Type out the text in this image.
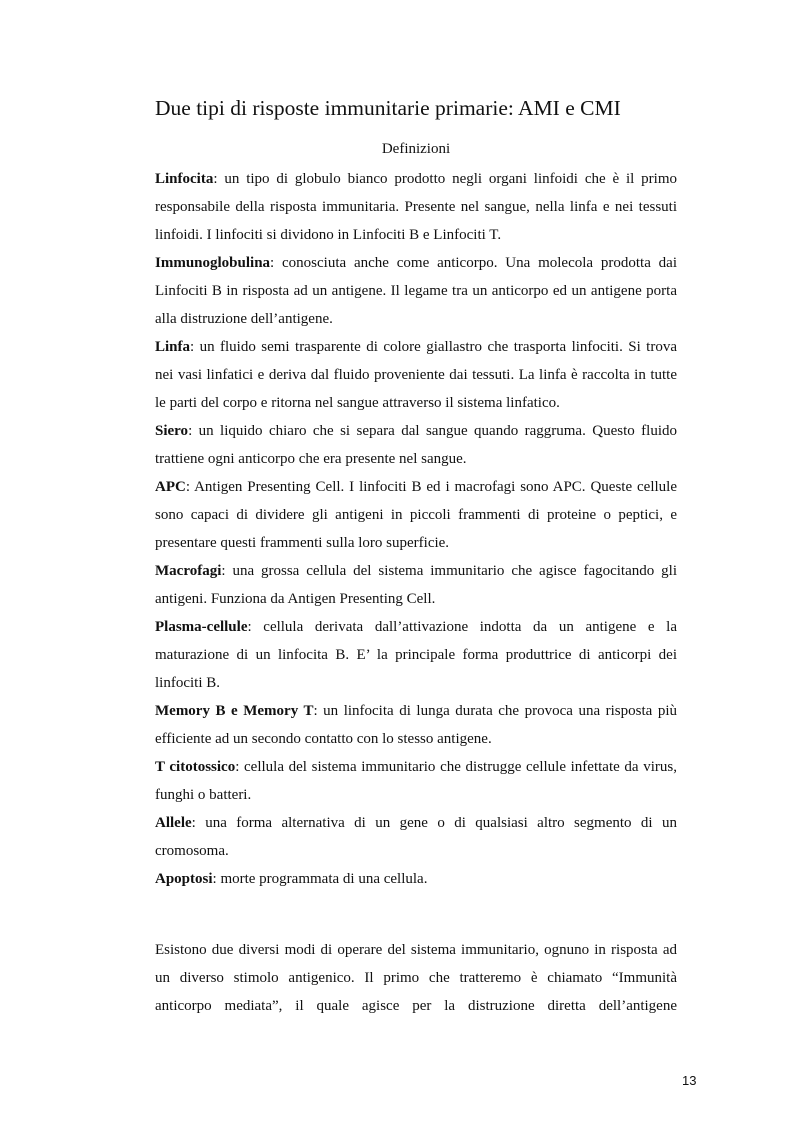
Due tipi di risposte immunitarie primarie: AMI e CMI

Definizioni

Linfocita: un tipo di globulo bianco prodotto negli organi linfoidi che è il primo responsabile della risposta immunitaria. Presente nel sangue, nella linfa e nei tessuti linfoidi. I linfociti si dividono in Linfociti B e Linfociti T.

Immunoglobulina: conosciuta anche come anticorpo. Una molecola prodotta dai Linfociti B in risposta ad un antigene. Il legame tra un anticorpo ed un antigene porta alla distruzione dell’antigene.

Linfa: un fluido semi trasparente di colore giallastro che trasporta linfociti. Si trova nei vasi linfatici e deriva dal fluido proveniente dai tessuti. La linfa è raccolta in tutte le parti del corpo e ritorna nel sangue attraverso il sistema linfatico.

Siero: un liquido chiaro che si separa dal sangue quando raggruma. Questo fluido trattiene ogni anticorpo che era presente nel sangue.

APC: Antigen Presenting Cell. I linfociti B ed i macrofagi sono APC. Queste cellule sono capaci di dividere gli antigeni in piccoli frammenti di proteine o peptici, e presentare questi frammenti sulla loro superficie.

Macrofagi: una grossa cellula del sistema immunitario che agisce fagocitando gli antigeni. Funziona da Antigen Presenting Cell.

Plasma-cellule: cellula derivata dall’attivazione indotta da un antigene e la maturazione di un linfocita B. E’ la principale forma produttrice di anticorpi dei linfociti B.

Memory B e Memory T: un linfocita di lunga durata che provoca una risposta più efficiente ad un secondo contatto con lo stesso antigene.

T citotossico: cellula del sistema immunitario che distrugge cellule infettate da virus, funghi o batteri.

Allele: una forma alternativa di un gene o di qualsiasi altro segmento di un cromosoma.

Apoptosi: morte programmata di una cellula.

Esistono due diversi modi di operare del sistema immunitario, ognuno in risposta ad un diverso stimolo antigenico. Il primo che tratteremo è chiamato “Immunità anticorpo mediata”, il quale agisce per la distruzione diretta dell’antigene

13
